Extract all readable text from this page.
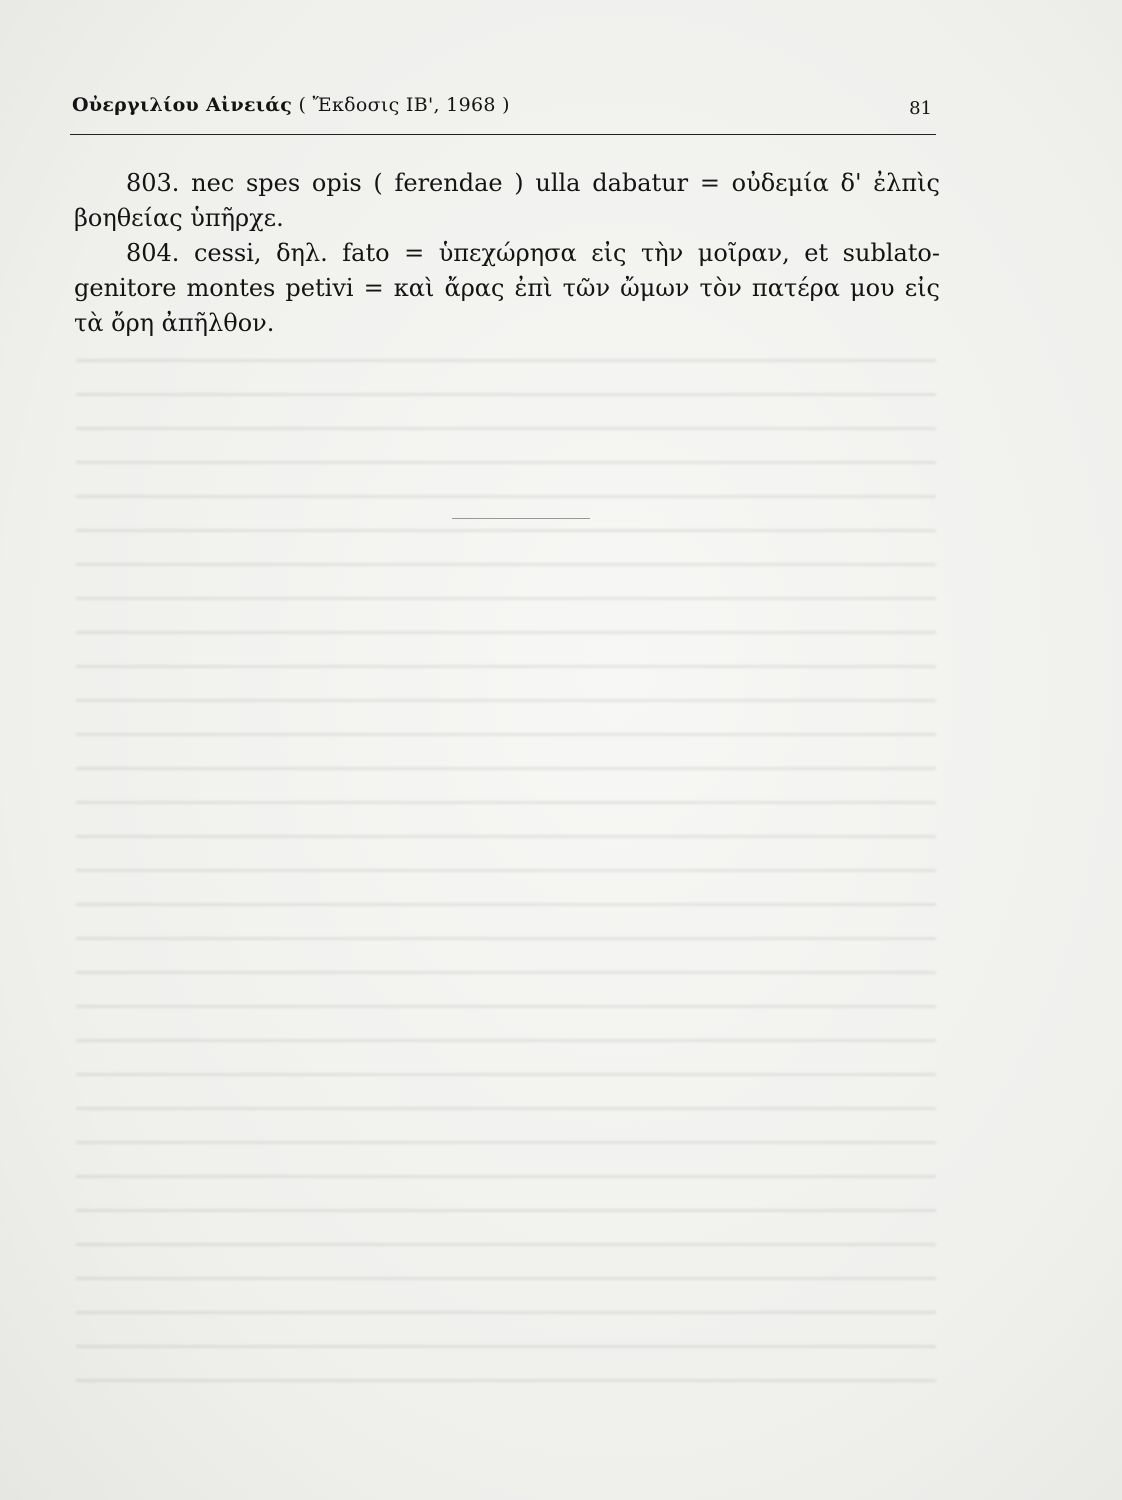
Οὐεργιλίου Αἰνειάς ( Ἔκδοσις ΙΒ', 1968 )	81

803. nec spes opis ( ferendae ) ulla dabatur = οὐδεμία δ' ἐλπὶς
βοηθείας ὑπῆρχε.

804. cessi, δηλ. fato = ὑπεχώρησα εἰς τὴν μοῖραν, et sublato-
genitore montes petivi = καὶ ἄρας ἐπὶ τῶν ὤμων τὸν πατέρα μου εἰς
τὰ ὄρη ἀπῆλθον.
